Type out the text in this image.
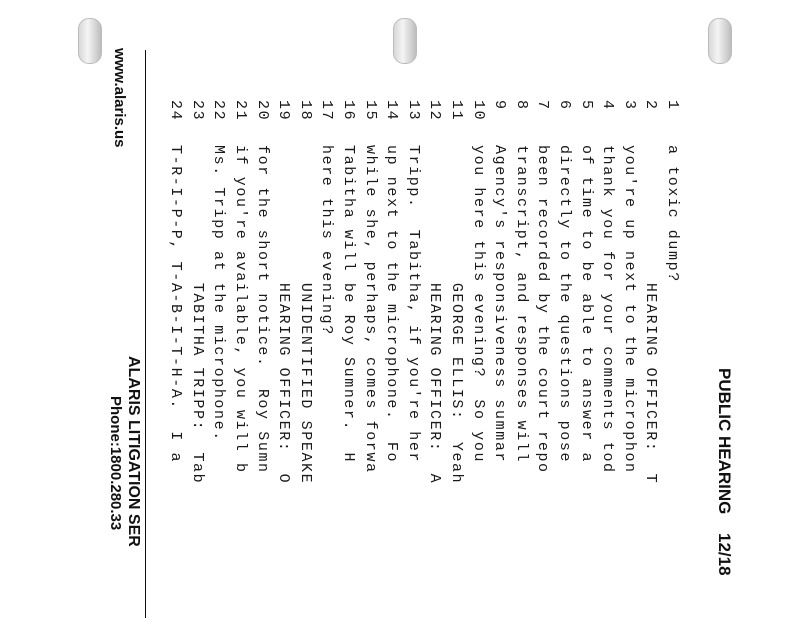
PUBLIC HEARING
12/18
1
a toxic dump?
2
HEARING OFFICER:  T
3
you're up next to the microphon
4
thank you for your comments tod
5
of time to be able to answer a
6
directly to the questions pose
7
been recorded by the court repo
8
transcript, and responses will
9
Agency's responsiveness summar
10
you here this evening?  So you
11
GEORGE ELLIS:  Yeah
12
HEARING OFFICER:  A
13
Tripp.  Tabitha, if you're her
14
up next to the microphone.  Fo
15
while she, perhaps, comes forwa
16
Tabitha will be Roy Sumner.  H
17
here this evening?
18
UNIDENTIFIED SPEAKE
19
HEARING OFFICER:  O
20
for the short notice.  Roy Sumn
21
if you're available, you will b
22
Ms. Tripp at the microphone.
23
TABITHA TRIPP:  Tab
24
T-R-I-P-P, T-A-B-I-T-H-A.  I a
www.alaris.us
ALARIS LITIGATION SER
Phone:1800.280.33
